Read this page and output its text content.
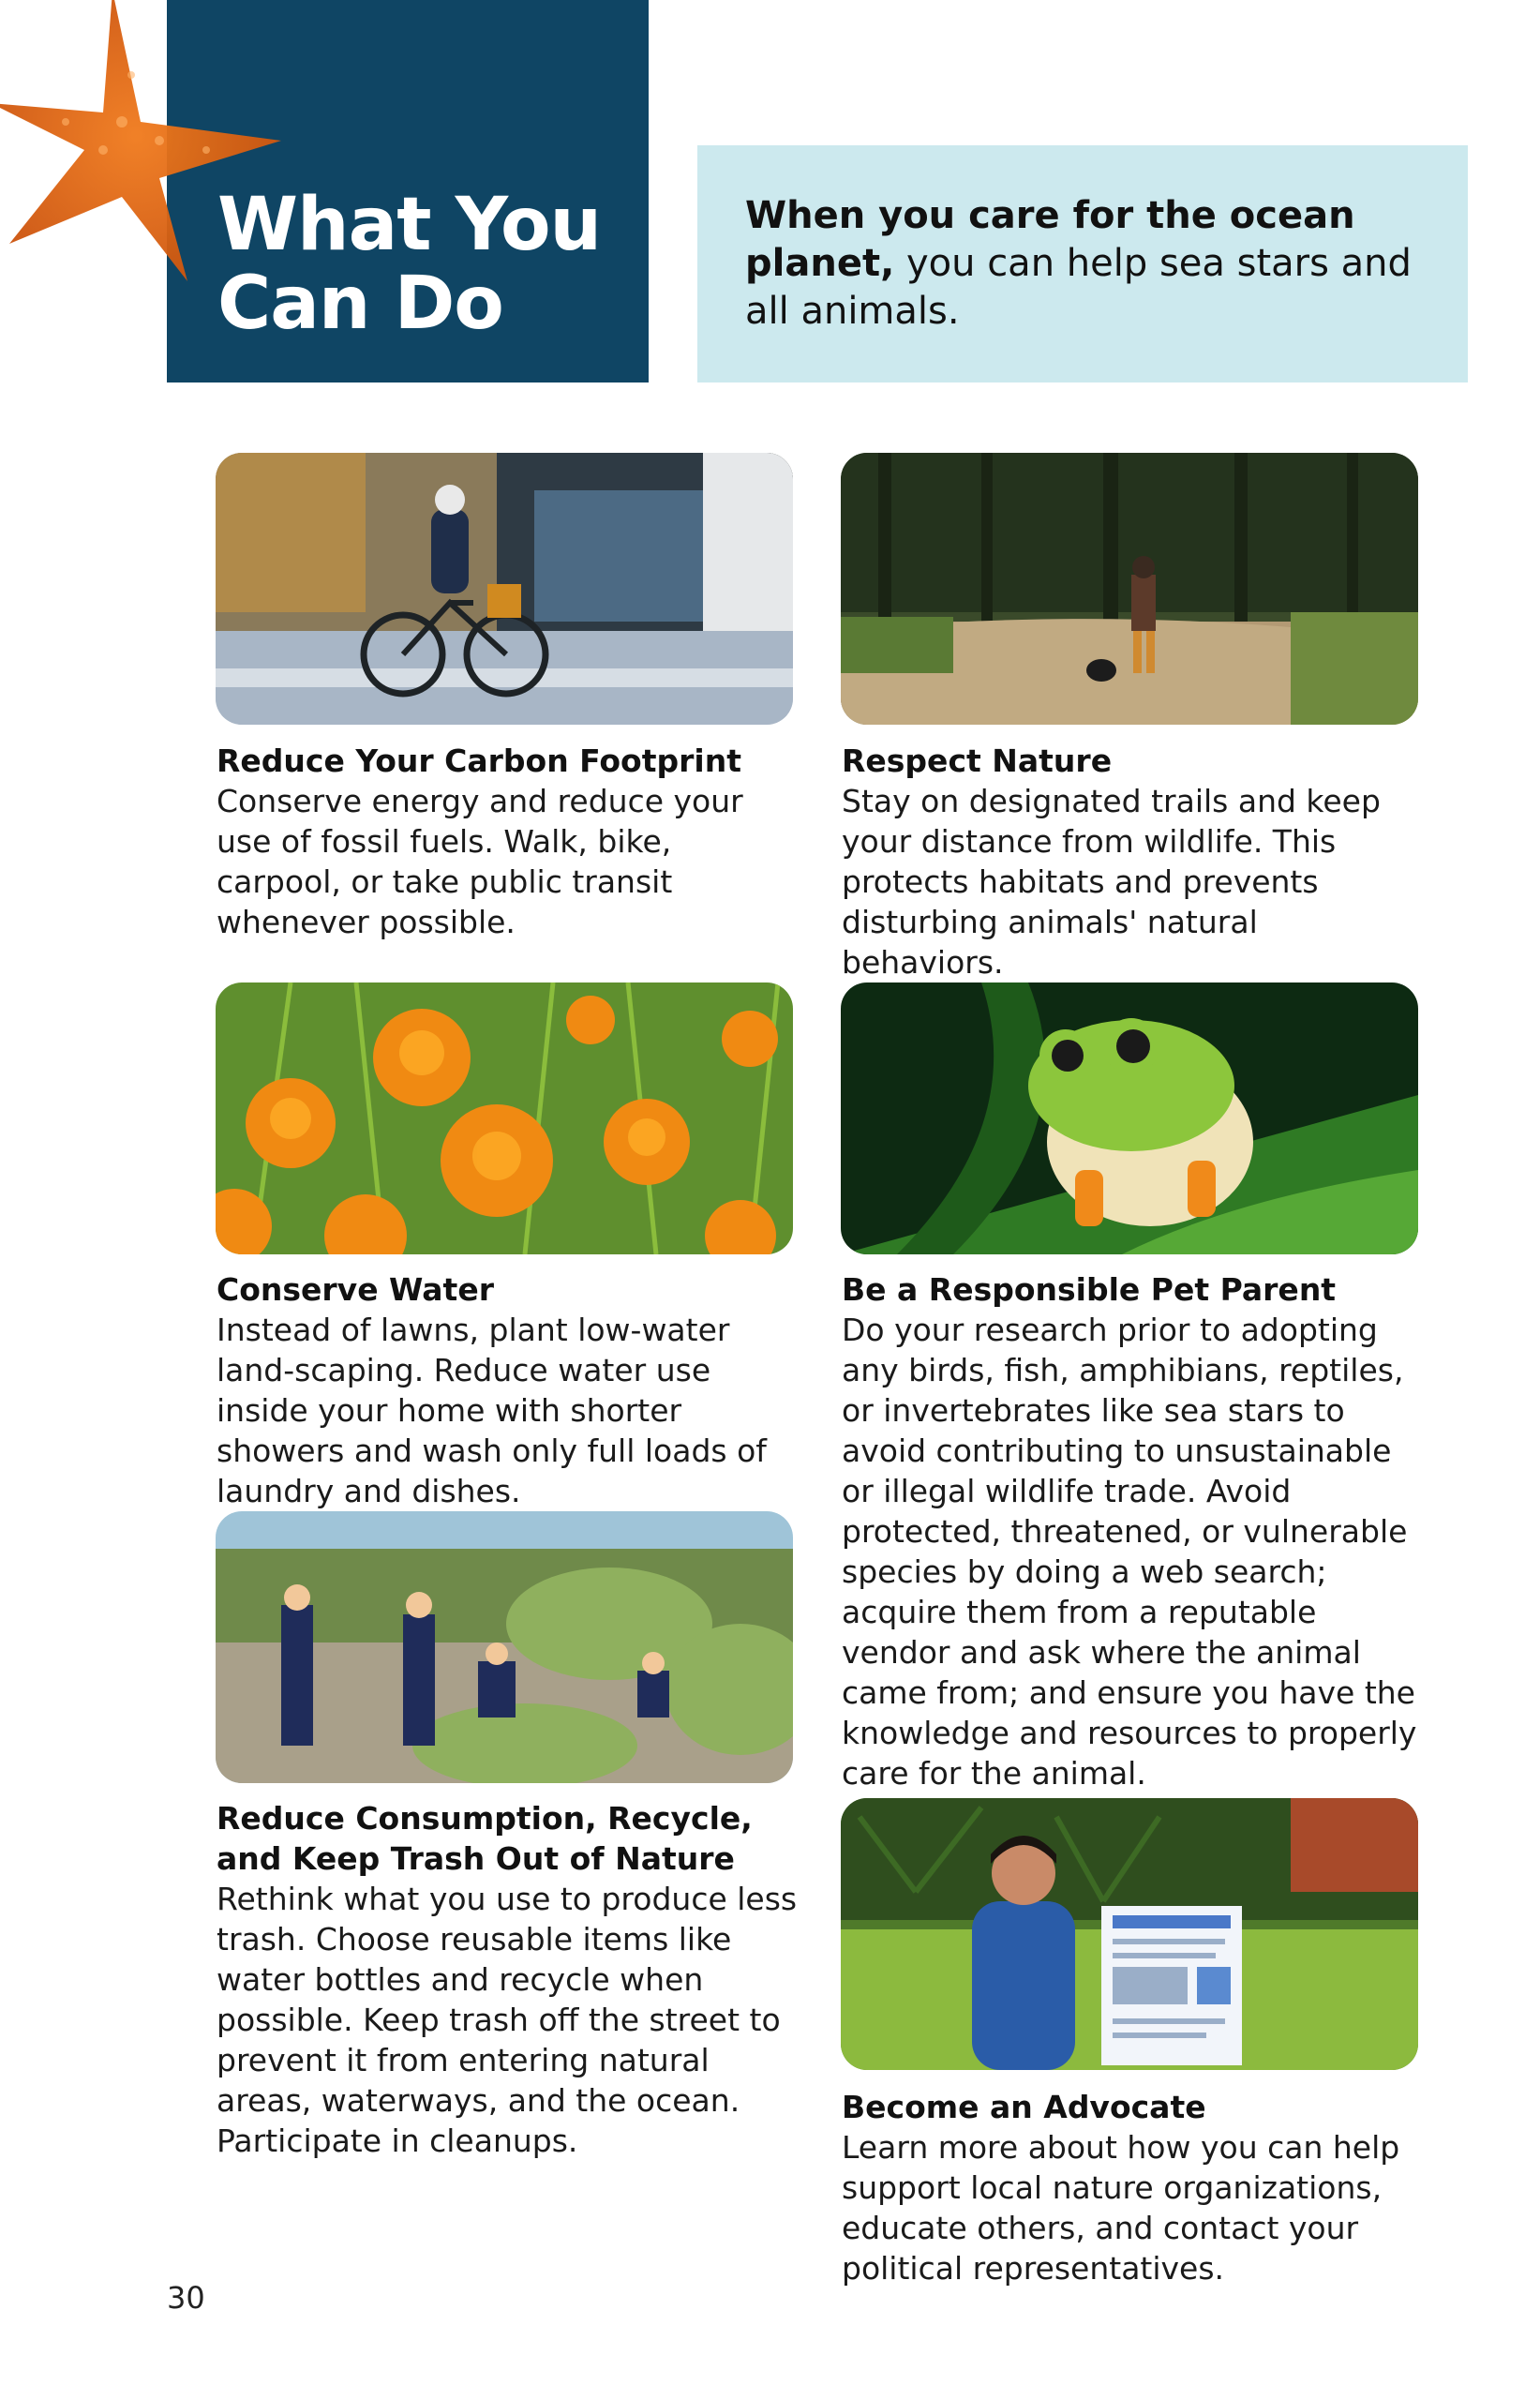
What You
Can Do
When you care for the ocean planet, you can help sea stars and all animals.
Reduce Your Carbon Footprint
Conserve energy and reduce your use of fossil fuels. Walk, bike, carpool, or take public transit whenever possible.
Respect Nature
Stay on designated trails and keep your distance from wildlife. This protects habitats and prevents disturbing animals' natural behaviors.
Conserve Water
Instead of lawns, plant low-water land-scaping. Reduce water use inside your home with shorter showers and wash only full loads of laundry and dishes.
Be a Responsible Pet Parent
Do your research prior to adopting any birds, fish, amphibians, reptiles, or invertebrates like sea stars to avoid contributing to unsustainable or illegal wildlife trade. Avoid protected, threatened, or vulnerable species by doing a web search; acquire them from a reputable vendor and ask where the animal came from; and ensure you have the knowledge and resources to properly care for the animal.
Reduce Consumption, Recycle, and Keep Trash Out of Nature
Rethink what you use to produce less trash. Choose reusable items like water bottles and recycle when possible. Keep trash off the street to prevent it from entering natural areas, waterways, and the ocean. Participate in cleanups.
Become an Advocate
Learn more about how you can help support local nature organizations, educate others, and contact your political representatives.
30
